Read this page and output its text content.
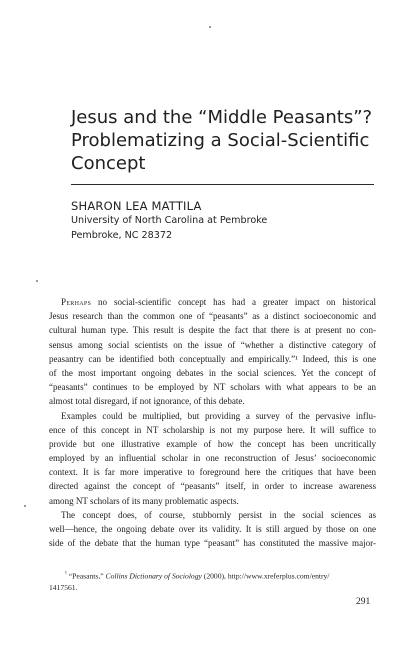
Jesus and the “Middle Peasants”?
Problematizing a Social-Scientific
Concept
SHARON LEA MATTILA
University of North Carolina at Pembroke
Pembroke, NC 28372
Perhaps no social-scientific concept has had a greater impact on historical
Jesus research than the common one of “peasants” as a distinct socioeconomic and
cultural human type. This result is despite the fact that there is at present no con-
sensus among social scientists on the issue of “whether a distinctive category of
peasantry can be identified both conceptually and empirically.”¹ Indeed, this is one
of the most important ongoing debates in the social sciences. Yet the concept of
“peasants” continues to be employed by NT scholars with what appears to be an
almost total disregard, if not ignorance, of this debate.
Examples could be multiplied, but providing a survey of the pervasive influ-
ence of this concept in NT scholarship is not my purpose here. It will suffice to
provide but one illustrative example of how the concept has been uncritically
employed by an influential scholar in one reconstruction of Jesus’ socioeconomic
context. It is far more imperative to foreground here the critiques that have been
directed against the concept of “peasants” itself, in order to increase awareness
among NT scholars of its many problematic aspects.
The concept does, of course, stubbornly persist in the social sciences as
well—hence, the ongoing debate over its validity. It is still argued by those on one
side of the debate that the human type “peasant” has constituted the massive major-
$^{^1}$ “Peasants,” Collins Dictionary of Sociology (2000), http://www.xreferplus.com/entry/
1417561.
291
